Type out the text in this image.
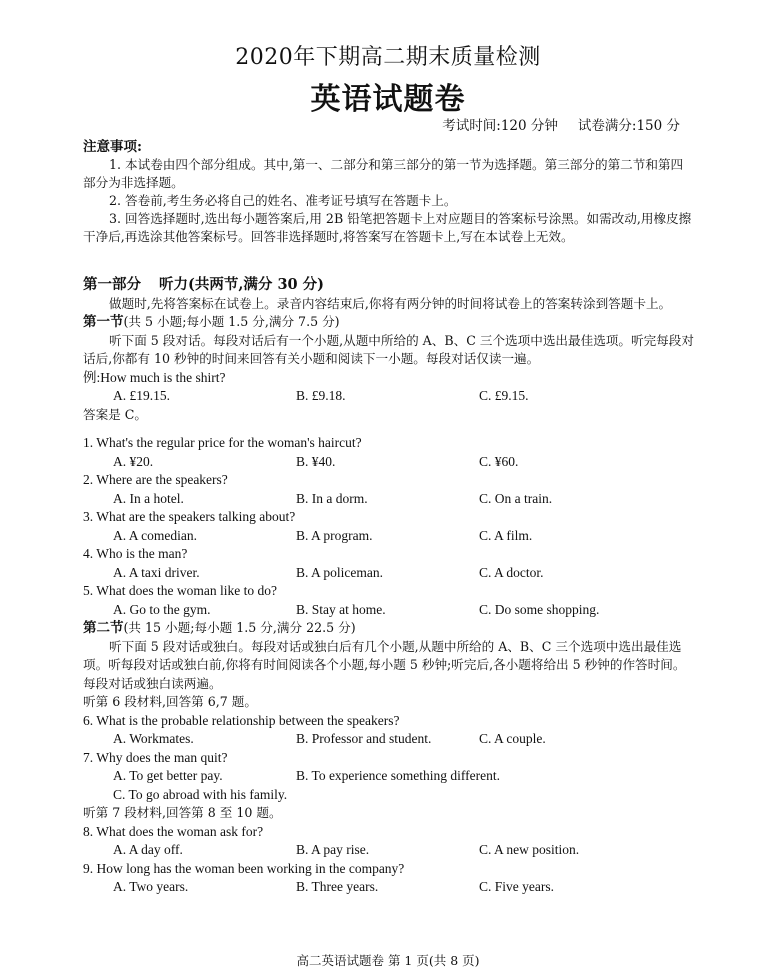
2020年下期高二期末质量检测
英语试题卷
考试时间:120 分钟 试卷满分:150 分
注意事项:
1. 本试卷由四个部分组成。其中,第一、二部分和第三部分的第一节为选择题。第三部分的第二节和第四部分为非选择题。
2. 答卷前,考生务必将自己的姓名、准考证号填写在答题卡上。
3. 回答选择题时,选出每小题答案后,用 2B 铅笔把答题卡上对应题目的答案标号涂黑。如需改动,用橡皮擦干净后,再选涂其他答案标号。回答非选择题时,将答案写在答题卡上,写在本试卷上无效。
第一部分 听力(共两节,满分 30 分)
做题时,先将答案标在试卷上。录音内容结束后,你将有两分钟的时间将试卷上的答案转涂到答题卡上。
第一节(共 5 小题;每小题 1.5 分,满分 7.5 分)
听下面 5 段对话。每段对话后有一个小题,从题中所给的 A、B、C 三个选项中选出最佳选项。听完每段对话后,你都有 10 秒钟的时间来回答有关小题和阅读下一小题。每段对话仅读一遍。
例:How much is the shirt?
A. £19.15.	B. £9.18.	C. £9.15.
答案是 C。
1. What's the regular price for the woman's haircut?
A. ¥20.	B. ¥40.	C. ¥60.
2. Where are the speakers?
A. In a hotel.	B. In a dorm.	C. On a train.
3. What are the speakers talking about?
A. A comedian.	B. A program.	C. A film.
4. Who is the man?
A. A taxi driver.	B. A policeman.	C. A doctor.
5. What does the woman like to do?
A. Go to the gym.	B. Stay at home.	C. Do some shopping.
第二节(共 15 小题;每小题 1.5 分,满分 22.5 分)
听下面 5 段对话或独白。每段对话或独白后有几个小题,从题中所给的 A、B、C 三个选项中选出最佳选项。听每段对话或独白前,你将有时间阅读各个小题,每小题 5 秒钟;听完后,各小题将给出 5 秒钟的作答时间。每段对话或独白读两遍。
听第 6 段材料,回答第 6,7 题。
6. What is the probable relationship between the speakers?
A. Workmates.	B. Professor and student.	C. A couple.
7. Why does the man quit?
A. To get better pay.	B. To experience something different.
C. To go abroad with his family.
听第 7 段材料,回答第 8 至 10 题。
8. What does the woman ask for?
A. A day off.	B. A pay rise.	C. A new position.
9. How long has the woman been working in the company?
A. Two years.	B. Three years.	C. Five years.
高二英语试题卷 第 1 页(共 8 页)
